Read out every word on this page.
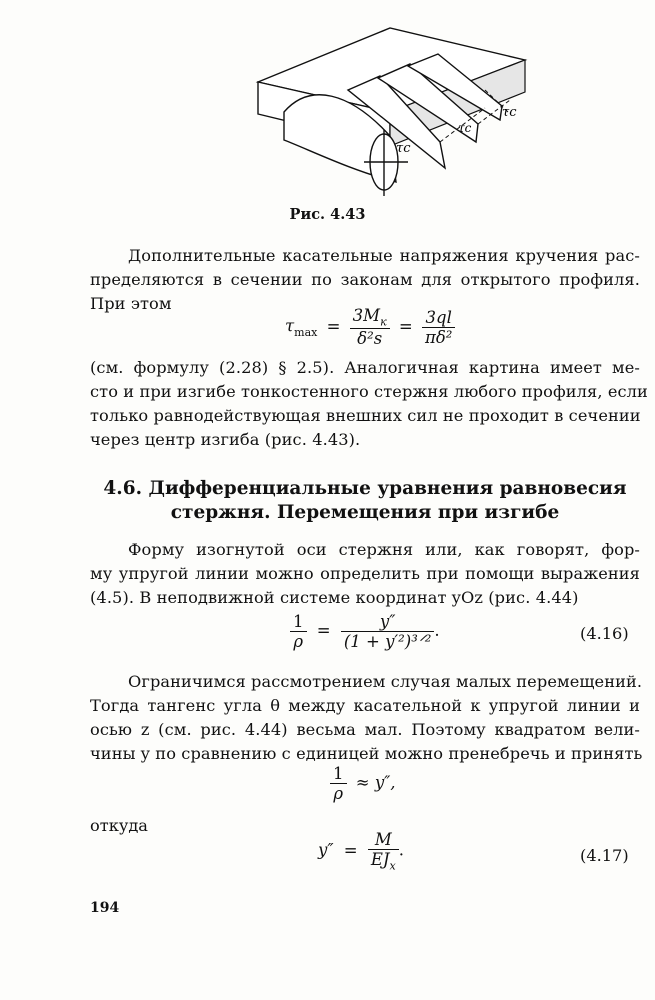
τc
τc
τc
Рис. 4.43
Дополнительные касательные напряжения кручения рас-
пределяются в сечении по законам для открытого профиля.
При этом
$\tau_{max} = \frac{3M_к}{\text{δ²s}} = \frac{3ql}{\text{πδ²}}$
(см. формулу (2.28) § 2.5). Аналогичная картина имеет ме-
сто и при изгибе тонкостенного стержня любого профиля, если
только равнодействующая внешних сил не проходит в сечении
через центр изгиба (рис. 4.43).
4.6. Дифференциальные уравнения равновесия
стержня. Перемещения при изгибе
Форму изогнутой оси стержня или, как говорят, фор-
му упругой линии можно определить при помощи выражения
(4.5). В неподвижной системе координат yOz (рис. 4.44)
$\frac{1}{\rho} = \frac{y''}{\text{(1 + y′²)³ᐟ²}}$ .	(4.16)
Ограничимся рассмотрением случая малых перемещений.
Тогда тангенс угла θ между касательной к упругой линии и
осью z (см. рис. 4.44) весьма мал. Поэтому квадратом вели-
чины y по сравнению с единицей можно пренебречь и принять
$\frac{1}{\rho} \approx y''$,
откуда
$y'' = \frac{M}{EJ_x}$ .	(4.17)
194
